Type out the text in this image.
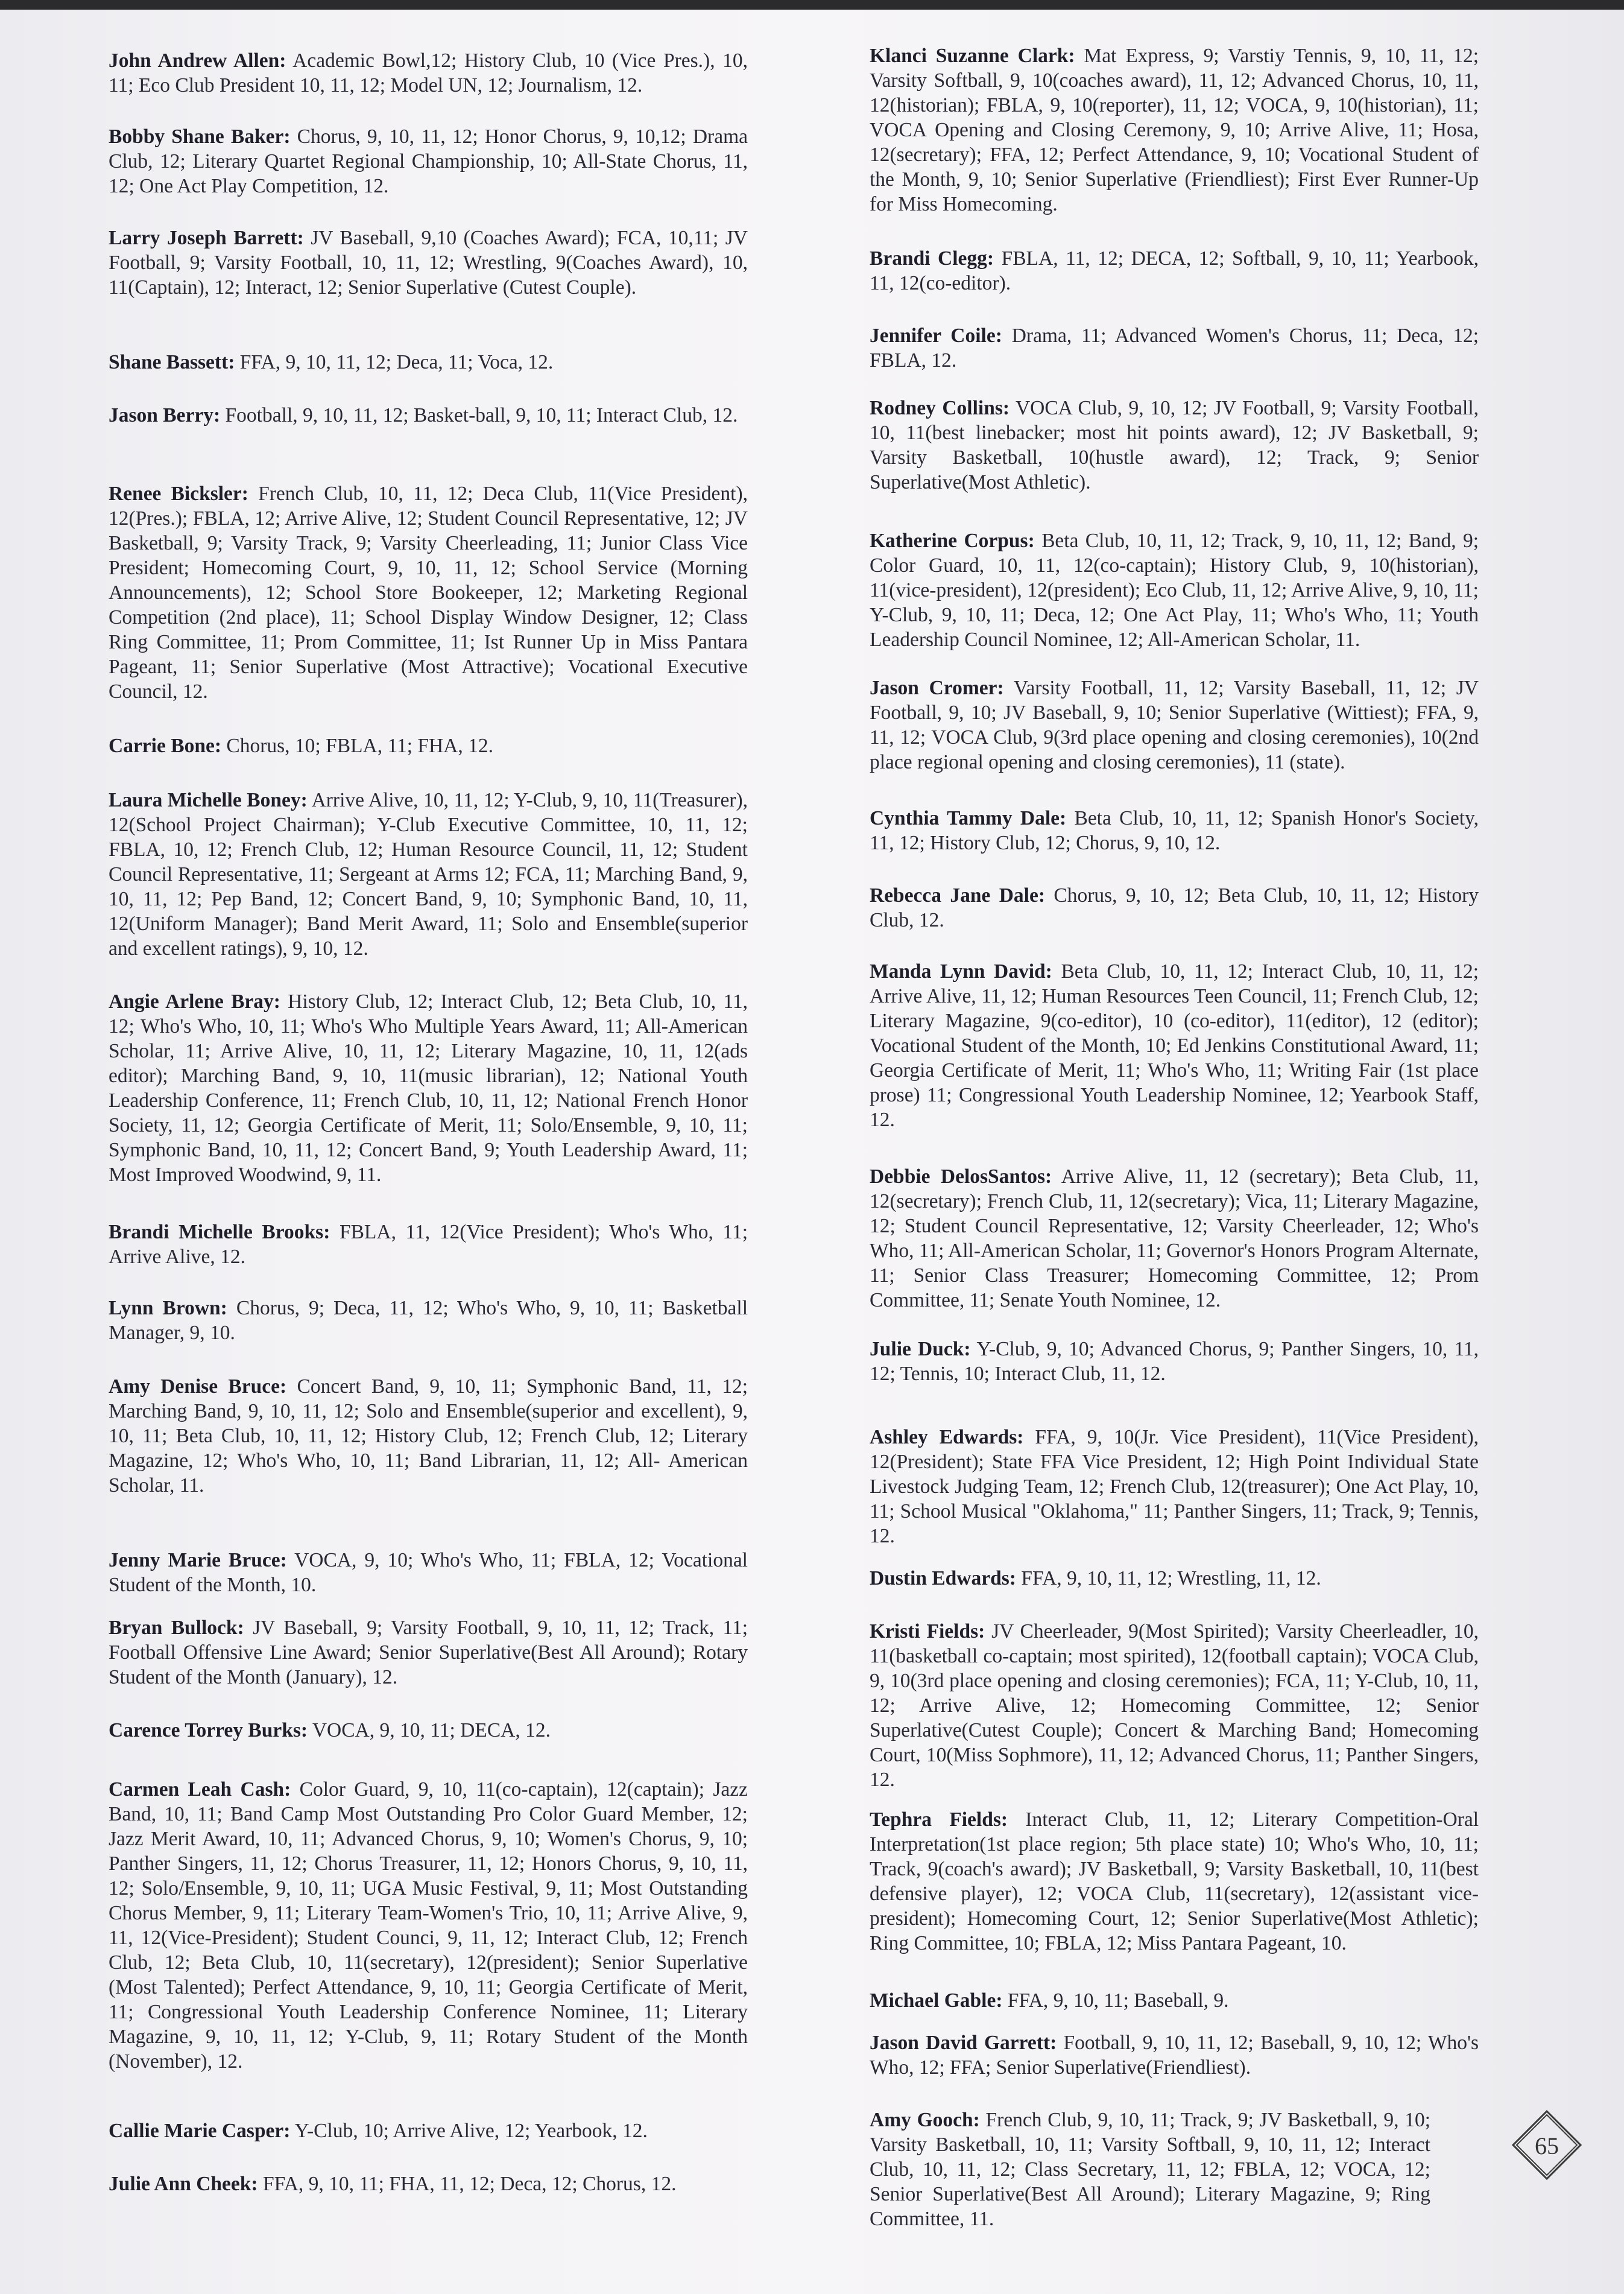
John Andrew Allen: Academic Bowl,12; History Club, 10 (Vice Pres.), 10, 11; Eco Club President 10, 11, 12; Model UN, 12; Journalism, 12.

Bobby Shane Baker: Chorus, 9, 10, 11, 12; Honor Chorus, 9, 10,12; Drama Club, 12; Literary Quartet Regional Championship, 10; All-State Chorus, 11, 12; One Act Play Competition, 12.

Larry Joseph Barrett: JV Baseball, 9,10 (Coaches Award); FCA, 10,11; JV Football, 9; Varsity Football, 10, 11, 12; Wrestling, 9(Coaches Award), 10, 11(Captain), 12; Interact, 12; Senior Superlative (Cutest Couple).

Shane Bassett: FFA, 9, 10, 11, 12; Deca, 11; Voca, 12.

Jason Berry: Football, 9, 10, 11, 12; Basket-ball, 9, 10, 11; Interact Club, 12.

Renee Bicksler: French Club, 10, 11, 12; Deca Club, 11(Vice President), 12(Pres.); FBLA, 12; Arrive Alive, 12; Student Council Representative, 12; JV Basketball, 9; Varsity Track, 9; Varsity Cheerleading, 11; Junior Class Vice President; Homecoming Court, 9, 10, 11, 12; School Service (Morning Announcements), 12; School Store Bookeeper, 12; Marketing Regional Competition (2nd place), 11; School Display Window Designer, 12; Class Ring Committee, 11; Prom Committee, 11; Ist Runner Up in Miss Pantara Pageant, 11; Senior Superlative (Most Attractive); Vocational Executive Council, 12.

Carrie Bone: Chorus, 10; FBLA, 11; FHA, 12.

Laura Michelle Boney: Arrive Alive, 10, 11, 12; Y-Club, 9, 10, 11(Treasurer), 12(School Project Chairman); Y-Club Executive Committee, 10, 11, 12; FBLA, 10, 12; French Club, 12; Human Resource Council, 11, 12; Student Council Representative, 11; Sergeant at Arms 12; FCA, 11; Marching Band, 9, 10, 11, 12; Pep Band, 12; Concert Band, 9, 10; Symphonic Band, 10, 11, 12(Uniform Manager); Band Merit Award, 11; Solo and Ensemble(superior and excellent ratings), 9, 10, 12.

Angie Arlene Bray: History Club, 12; Interact Club, 12; Beta Club, 10, 11, 12; Who's Who, 10, 11; Who's Who Multiple Years Award, 11; All-American Scholar, 11; Arrive Alive, 10, 11, 12; Literary Magazine, 10, 11, 12(ads editor); Marching Band, 9, 10, 11(music librarian), 12; National Youth Leadership Conference, 11; French Club, 10, 11, 12; National French Honor Society, 11, 12; Georgia Certificate of Merit, 11; Solo/Ensemble, 9, 10, 11; Symphonic Band, 10, 11, 12; Concert Band, 9; Youth Leadership Award, 11; Most Improved Woodwind, 9, 11.

Brandi Michelle Brooks: FBLA, 11, 12(Vice President); Who's Who, 11; Arrive Alive, 12.

Lynn Brown: Chorus, 9; Deca, 11, 12; Who's Who, 9, 10, 11; Basketball Manager, 9, 10.

Amy Denise Bruce: Concert Band, 9, 10, 11; Symphonic Band, 11, 12; Marching Band, 9, 10, 11, 12; Solo and Ensemble(superior and excellent), 9, 10, 11; Beta Club, 10, 11, 12; History Club, 12; French Club, 12; Literary Magazine, 12; Who's Who, 10, 11; Band Librarian, 11, 12; All- American Scholar, 11.

Jenny Marie Bruce: VOCA, 9, 10; Who's Who, 11; FBLA, 12; Vocational Student of the Month, 10.

Bryan Bullock: JV Baseball, 9; Varsity Football, 9, 10, 11, 12; Track, 11; Football Offensive Line Award; Senior Superlative(Best All Around); Rotary Student of the Month (January), 12.

Carence Torrey Burks: VOCA, 9, 10, 11; DECA, 12.

Carmen Leah Cash: Color Guard, 9, 10, 11(co-captain), 12(captain); Jazz Band, 10, 11; Band Camp Most Outstanding Pro Color Guard Member, 12; Jazz Merit Award, 10, 11; Advanced Chorus, 9, 10; Women's Chorus, 9, 10; Panther Singers, 11, 12; Chorus Treasurer, 11, 12; Honors Chorus, 9, 10, 11, 12; Solo/Ensemble, 9, 10, 11; UGA Music Festival, 9, 11; Most Outstanding Chorus Member, 9, 11; Literary Team-Women's Trio, 10, 11; Arrive Alive, 9, 11, 12(Vice-President); Student Counci, 9, 11, 12; Interact Club, 12; French Club, 12; Beta Club, 10, 11(secretary), 12(president); Senior Superlative (Most Talented); Perfect Attendance, 9, 10, 11; Georgia Certificate of Merit, 11; Congressional Youth Leadership Conference Nominee, 11; Literary Magazine, 9, 10, 11, 12; Y-Club, 9, 11; Rotary Student of the Month (November), 12.

Callie Marie Casper: Y-Club, 10; Arrive Alive, 12; Yearbook, 12.

Julie Ann Cheek: FFA, 9, 10, 11; FHA, 11, 12; Deca, 12; Chorus, 12.

Klanci Suzanne Clark: Mat Express, 9; Varstiy Tennis, 9, 10, 11, 12; Varsity Softball, 9, 10(coaches award), 11, 12; Advanced Chorus, 10, 11, 12(historian); FBLA, 9, 10(reporter), 11, 12; VOCA, 9, 10(historian), 11; VOCA Opening and Closing Ceremony, 9, 10; Arrive Alive, 11; Hosa, 12(secretary); FFA, 12; Perfect Attendance, 9, 10; Vocational Student of the Month, 9, 10; Senior Superlative (Friendliest); First Ever Runner-Up for Miss Homecoming.

Brandi Clegg: FBLA, 11, 12; DECA, 12; Softball, 9, 10, 11; Yearbook, 11, 12(co-editor).

Jennifer Coile: Drama, 11; Advanced Women's Chorus, 11; Deca, 12; FBLA, 12.

Rodney Collins: VOCA Club, 9, 10, 12; JV Football, 9; Varsity Football, 10, 11(best linebacker; most hit points award), 12; JV Basketball, 9; Varsity Basketball, 10(hustle award), 12; Track, 9; Senior Superlative(Most Athletic).

Katherine Corpus: Beta Club, 10, 11, 12; Track, 9, 10, 11, 12; Band, 9; Color Guard, 10, 11, 12(co-captain); History Club, 9, 10(historian), 11(vice-president), 12(president); Eco Club, 11, 12; Arrive Alive, 9, 10, 11; Y-Club, 9, 10, 11; Deca, 12; One Act Play, 11; Who's Who, 11; Youth Leadership Council Nominee, 12; All-American Scholar, 11.

Jason Cromer: Varsity Football, 11, 12; Varsity Baseball, 11, 12; JV Football, 9, 10; JV Baseball, 9, 10; Senior Superlative (Wittiest); FFA, 9, 11, 12; VOCA Club, 9(3rd place opening and closing ceremonies), 10(2nd place regional opening and closing ceremonies), 11 (state).

Cynthia Tammy Dale: Beta Club, 10, 11, 12; Spanish Honor's Society, 11, 12; History Club, 12; Chorus, 9, 10, 12.

Rebecca Jane Dale: Chorus, 9, 10, 12; Beta Club, 10, 11, 12; History Club, 12.

Manda Lynn David: Beta Club, 10, 11, 12; Interact Club, 10, 11, 12; Arrive Alive, 11, 12; Human Resources Teen Council, 11; French Club, 12; Literary Magazine, 9(co-editor), 10 (co-editor), 11(editor), 12 (editor); Vocational Student of the Month, 10; Ed Jenkins Constitutional Award, 11; Georgia Certificate of Merit, 11; Who's Who, 11; Writing Fair (1st place prose) 11; Congressional Youth Leadership Nominee, 12; Yearbook Staff, 12.

Debbie DelosSantos: Arrive Alive, 11, 12 (secretary); Beta Club, 11, 12(secretary); French Club, 11, 12(secretary); Vica, 11; Literary Magazine, 12; Student Council Representative, 12; Varsity Cheerleader, 12; Who's Who, 11; All-American Scholar, 11; Governor's Honors Program Alternate, 11; Senior Class Treasurer; Homecoming Committee, 12; Prom Committee, 11; Senate Youth Nominee, 12.

Julie Duck: Y-Club, 9, 10; Advanced Chorus, 9; Panther Singers, 10, 11, 12; Tennis, 10; Interact Club, 11, 12.

Ashley Edwards: FFA, 9, 10(Jr. Vice President), 11(Vice President), 12(President); State FFA Vice President, 12; High Point Individual State Livestock Judging Team, 12; French Club, 12(treasurer); One Act Play, 10, 11; School Musical "Oklahoma," 11; Panther Singers, 11; Track, 9; Tennis, 12.

Dustin Edwards: FFA, 9, 10, 11, 12; Wrestling, 11, 12.

Kristi Fields: JV Cheerleader, 9(Most Spirited); Varsity Cheerleadler, 10, 11(basketball co-captain; most spirited), 12(football captain); VOCA Club, 9, 10(3rd place opening and closing ceremonies); FCA, 11; Y-Club, 10, 11, 12; Arrive Alive, 12; Homecoming Committee, 12; Senior Superlative(Cutest Couple); Concert & Marching Band; Homecoming Court, 10(Miss Sophmore), 11, 12; Advanced Chorus, 11; Panther Singers, 12.

Tephra Fields: Interact Club, 11, 12; Literary Competition-Oral Interpretation(1st place region; 5th place state) 10; Who's Who, 10, 11; Track, 9(coach's award); JV Basketball, 9; Varsity Basketball, 10, 11(best defensive player), 12; VOCA Club, 11(secretary), 12(assistant vice-president); Homecoming Court, 12; Senior Superlative(Most Athletic); Ring Committee, 10; FBLA, 12; Miss Pantara Pageant, 10.

Michael Gable: FFA, 9, 10, 11; Baseball, 9.

Jason David Garrett: Football, 9, 10, 11, 12; Baseball, 9, 10, 12; Who's Who, 12; FFA; Senior Superlative(Friendliest).

Amy Gooch: French Club, 9, 10, 11; Track, 9; JV Basketball, 9, 10; Varsity Basketball, 10, 11; Varsity Softball, 9, 10, 11, 12; Interact Club, 10, 11, 12; Class Secretary, 11, 12; FBLA, 12; VOCA, 12; Senior Superlative(Best All Around); Literary Magazine, 9; Ring Committee, 11.

65
